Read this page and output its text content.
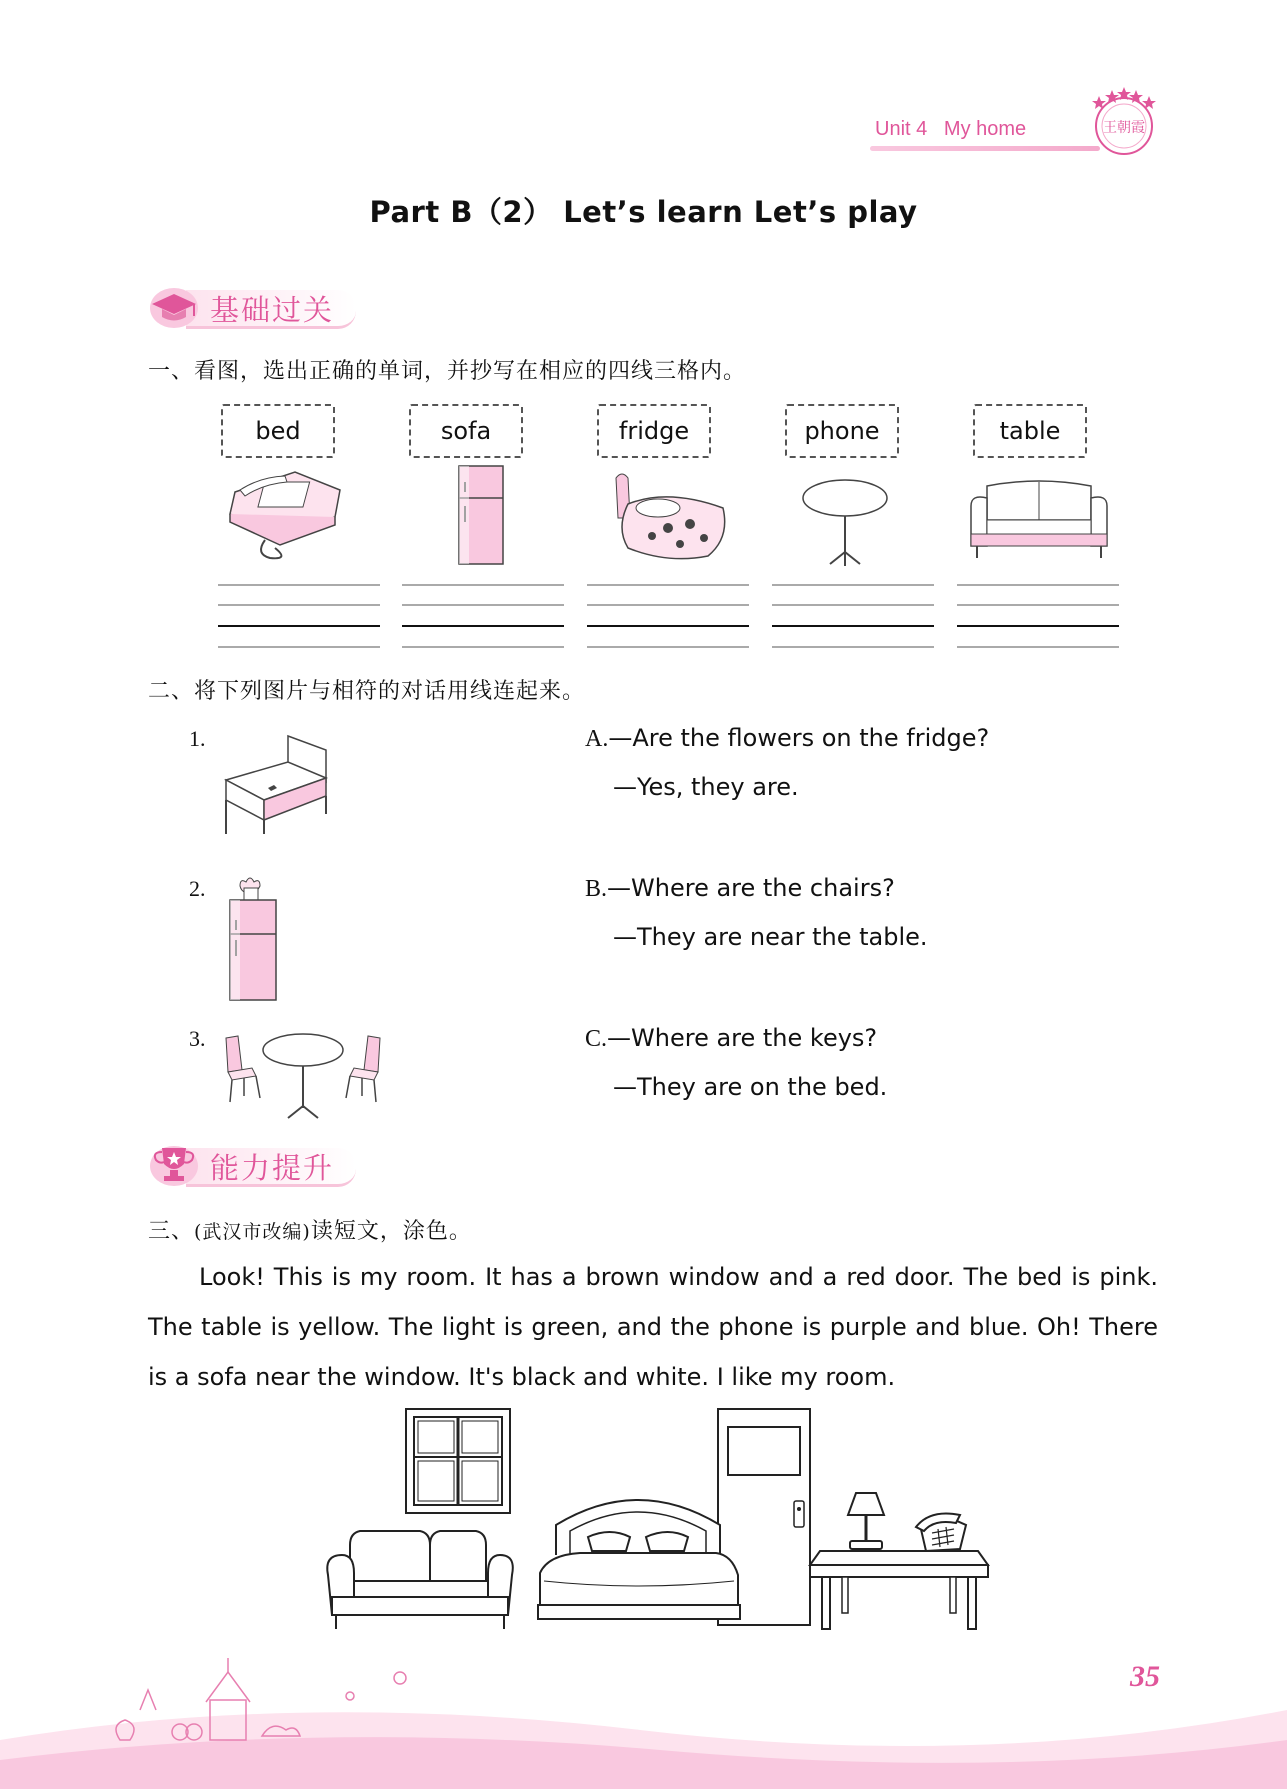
Unit 4 My home	王朝霞
Part B（2） Let’s learn Let’s play
基础过关
一、看图，选出正确的单词，并抄写在相应的四线三格内。
bed	sofa	fridge	phone	table
二、将下列图片与相符的对话用线连起来。
1.
2.
3.
A.—Are the flowers on the fridge?
—Yes, they are.
B.—Where are the chairs?
—They are near the table.
C.—Where are the keys?
—They are on the bed.
能力提升
三、(武汉市改编)读短文，涂色。
Look! This is my room. It has a brown window and a red door. The bed is pink. The table is yellow. The light is green, and the phone is purple and blue. Oh! There is a sofa near the window. It's black and white. I like my room.
35
